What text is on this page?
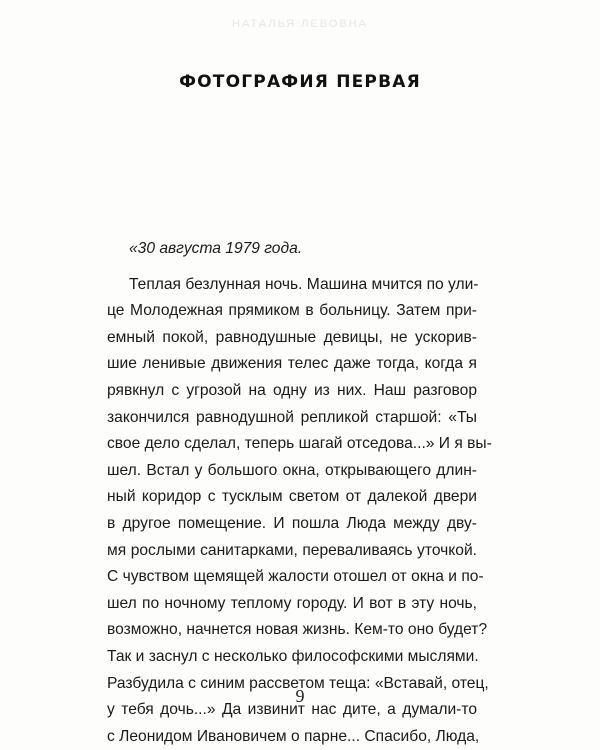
НАТАЛЬЯ ЛЕВОВНА
ФОТОГРАФИЯ ПЕРВАЯ
«30 августа 1979 года.
Теплая безлунная ночь. Машина мчится по ули-
це Молодежная прямиком в больницу. Затем при-
емный покой, равнодушные девицы, не ускорив-
шие ленивые движения телес даже тогда, когда я
рявкнул с угрозой на одну из них. Наш разговор
закончился равнодушной репликой старшой: «Ты
свое дело сделал, теперь шагай отседова...» И я вы-
шел. Встал у большого окна, открывающего длин-
ный коридор с тусклым светом от далекой двери
в другое помещение. И пошла Люда между дву-
мя рослыми санитарками, переваливаясь уточкой.
С чувством щемящей жалости отошел от окна и по-
шел по ночному теплому городу. И вот в эту ночь,
возможно, начнется новая жизнь. Кем-то оно будет?
Так и заснул с несколько философскими мыслями.
Разбудила с синим рассветом теща: «Вставай, отец,
у тебя дочь...» Да извинит нас дите, а думали-то
с Леонидом Ивановичем о парне... Спасибо, Люда,
9
